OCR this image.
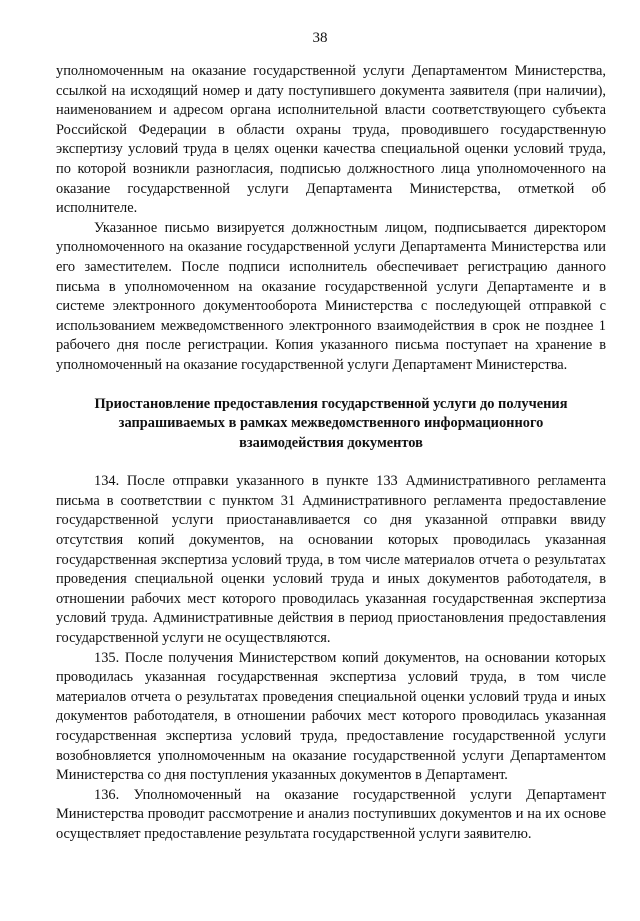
38

уполномоченным на оказание государственной услуги Департаментом Министерства, ссылкой на исходящий номер и дату поступившего документа заявителя (при наличии), наименованием и адресом органа исполнительной власти соответствующего субъекта Российской Федерации в области охраны труда, проводившего государственную экспертизу условий труда в целях оценки качества специальной оценки условий труда, по которой возникли разногласия, подписью должностного лица уполномоченного на оказание государственной услуги Департамента Министерства, отметкой об исполнителе.

Указанное письмо визируется должностным лицом, подписывается директором уполномоченного на оказание государственной услуги Департамента Министерства или его заместителем. После подписи исполнитель обеспечивает регистрацию данного письма в уполномоченном на оказание государственной услуги Департаменте и в системе электронного документооборота Министерства с последующей отправкой с использованием межведомственного электронного взаимодействия в срок не позднее 1 рабочего дня после регистрации. Копия указанного письма поступает на хранение в уполномоченный на оказание государственной услуги Департамент Министерства.

Приостановление предоставления государственной услуги до получения запрашиваемых в рамках межведомственного информационного взаимодействия документов

134. После отправки указанного в пункте 133 Административного регламента письма в соответствии с пунктом 31 Административного регламента предоставление государственной услуги приостанавливается со дня указанной отправки ввиду отсутствия копий документов, на основании которых проводилась указанная государственная экспертиза условий труда, в том числе материалов отчета о результатах проведения специальной оценки условий труда и иных документов работодателя, в отношении рабочих мест которого проводилась указанная государственная экспертиза условий труда. Административные действия в период приостановления предоставления государственной услуги не осуществляются.

135. После получения Министерством копий документов, на основании которых проводилась указанная государственная экспертиза условий труда, в том числе материалов отчета о результатах проведения специальной оценки условий труда и иных документов работодателя, в отношении рабочих мест которого проводилась указанная государственная экспертиза условий труда, предоставление государственной услуги возобновляется уполномоченным на оказание государственной услуги Департаментом Министерства со дня поступления указанных документов в Департамент.

136. Уполномоченный на оказание государственной услуги Департамент Министерства проводит рассмотрение и анализ поступивших документов и на их основе осуществляет предоставление результата государственной услуги заявителю.
